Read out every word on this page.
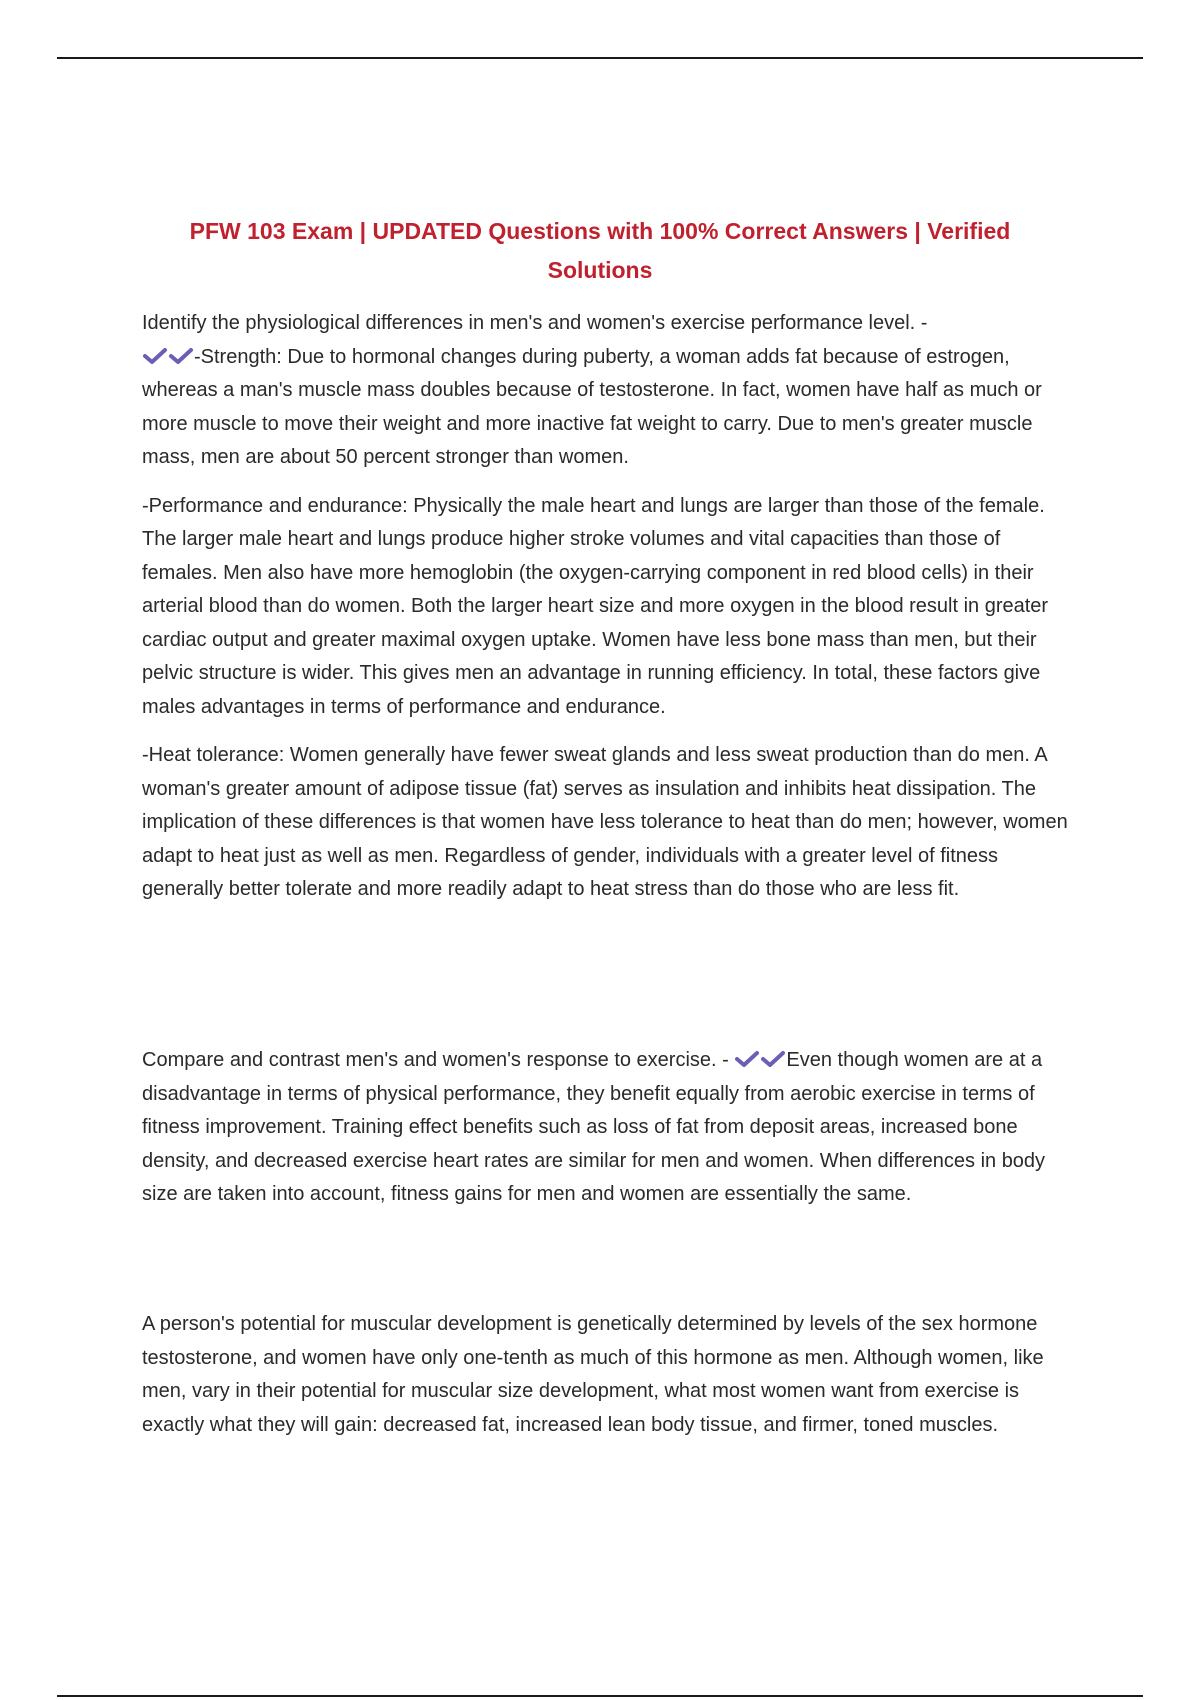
PFW 103 Exam | UPDATED Questions with 100% Correct Answers | Verified Solutions

Identify the physiological differences in men's and women's exercise performance level. -

-Strength: Due to hormonal changes during puberty, a woman adds fat because of estrogen, whereas a man's muscle mass doubles because of testosterone. In fact, women have half as much or more muscle to move their weight and more inactive fat weight to carry. Due to men's greater muscle mass, men are about 50 percent stronger than women.

-Performance and endurance: Physically the male heart and lungs are larger than those of the female. The larger male heart and lungs produce higher stroke volumes and vital capacities than those of females. Men also have more hemoglobin (the oxygen-carrying component in red blood cells) in their arterial blood than do women. Both the larger heart size and more oxygen in the blood result in greater cardiac output and greater maximal oxygen uptake. Women have less bone mass than men, but their pelvic structure is wider. This gives men an advantage in running efficiency. In total, these factors give males advantages in terms of performance and endurance.

-Heat tolerance: Women generally have fewer sweat glands and less sweat production than do men. A woman's greater amount of adipose tissue (fat) serves as insulation and inhibits heat dissipation. The implication of these differences is that women have less tolerance to heat than do men; however, women adapt to heat just as well as men. Regardless of gender, individuals with a greater level of fitness generally better tolerate and more readily adapt to heat stress than do those who are less fit.

Compare and contrast men's and women's response to exercise. -	Even though women are at a disadvantage in terms of physical performance, they benefit equally from aerobic exercise in terms of fitness improvement. Training effect benefits such as loss of fat from deposit areas, increased bone density, and decreased exercise heart rates are similar for men and women. When differences in body size are taken into account, fitness gains for men and women are essentially the same.

A person's potential for muscular development is genetically determined by levels of the sex hormone testosterone, and women have only one-tenth as much of this hormone as men. Although women, like men, vary in their potential for muscular size development, what most women want from exercise is exactly what they will gain: decreased fat, increased lean body tissue, and firmer, toned muscles.
